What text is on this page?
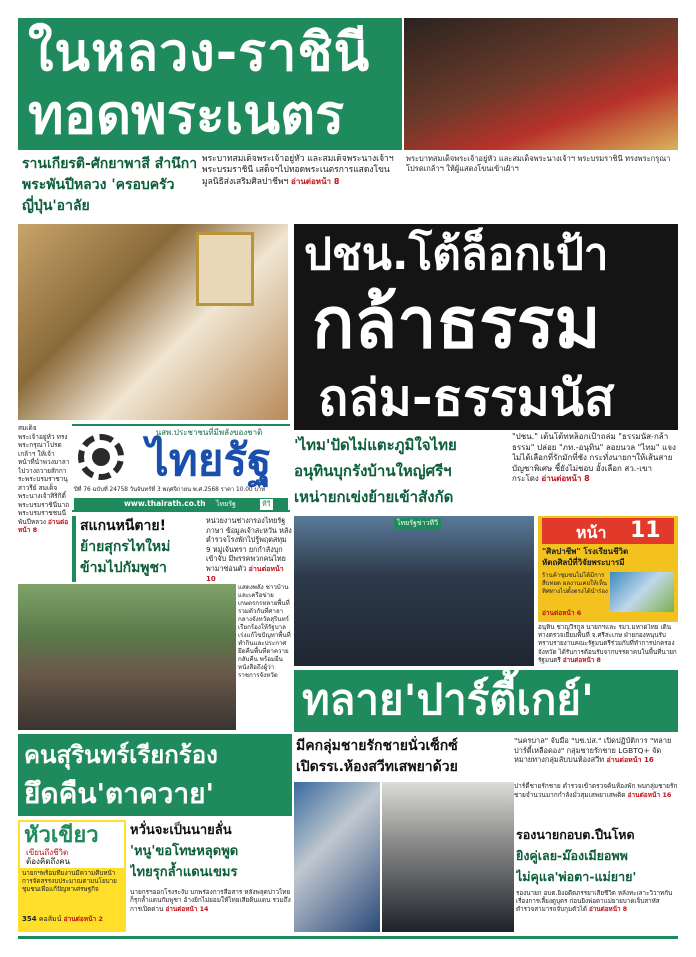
ในหลวง-ราชินี
ทอดพระเนตร
รานเกียรติ-ศักยาพาสี สำนึกาพระพันปีหลวง 'ครอบครัวญี่ปุ่น'อาลัย
พระบาทสมเด็จพระเจ้าอยู่หัว และสมเด็จพระนางเจ้าฯ พระบรมราชินี เสด็จฯไปทอดพระเนตรการแสดงโขนมูลนิธิส่งเสริมศิลปาชีพฯ อ่านต่อหน้า 8
พระบาทสมเด็จพระเจ้าอยู่หัว และสมเด็จพระนางเจ้าฯ พระบรมราชินี ทรงพระกรุณาโปรดเกล้าฯ ให้ผู้แสดงโขนเข้าเฝ้าฯ
ปชน.โต้ล็อกเป้า
กล้าธรรม
ถล่ม-ธรรมนัส
สมเด็จพระเจ้าอยู่หัว ทรงพระกรุณาโปรดเกล้าฯ ให้เจ้าหน้าที่นำพวงมาลาไปวางถวายสักการะพระบรมราชานุสาวรีย์ สมเด็จพระนางเจ้าสิริกิติ์ พระบรมราชินีนาถ พระบรมราชชนนีพันปีหลวง อ่านต่อหน้า 8
นสพ.ประชาชนที่มีพลังของชาติ
ไทยรัฐ
ปีที่ 76 ฉบับที่ 24758 วันจันทร์ที่ 3 พฤศจิกายน พ.ศ.2568 ราคา 10.00 บาท
www.thairath.co.th ไทยรัฐ	ทีวี
'ไทม'ปัดไม่แตะภูมิใจไทย
อนุทินบุกรังบ้านใหญ่ศรีฯ
เหน่ายกเข่งย้ายเข้าสังกัด
"ปชน." เต้นโต้ทหล็อกเป้าถล่ม "ธรรมนัส-กล้าธรรม" ปล่อย "ภท.-อนุทิน" ลอยนวล "ไทม" แจงไม่ได้เลือกที่รักมักที่ชัง กระทั่งนายกฯให้เส้นสายบัญชาพิเศษ ชี้ยังไม่ชอบ อั้งเลือก สว.-เขากระโดง อ่านต่อหน้า 8
สแกนหนีตาย!
ย้ายสุกรไทใหม่
ข้ามไปกัมพูชา
หน่วยงานช่างกรองไทยรัฐภาษา ข้อมูลเจ้าสะหวัน หลังตำรวจโรงพักไปรู้พฤตสทุม 9 หมู่เจ้นทรา ยกกำลังบุกเข้าจับ มีพรรคพวกคนไทยพามาซ่อนตัว อ่านต่อหน้า 10
ไทยรัฐข่าวทีวี	หน้า 11
"ศิลปาชีพ" โรงเรียนชีวิต
หัตถศิลป์ที่วิจัยพระบารมี
ร้านค้าชุมชนไม่ได้มีการสืบทอด ผลงานเคยให้เห็นทิศทางไปตั้งตรงได้นำร่อง
อ่านต่อหน้า 6
อนุทิน ชาญวีรกูล นายกฯและ รมว.มหาดไทย เดินทางตรวจเยี่ยมพื้นที่ จ.ศรีสะเกษ ฝ่ายกองหนุนรับทราบรายงานคณะรัฐมนตรีร่วมกับที่ทำการปกครองจังหวัด ได้รับการต้อนรับจากบรรดาคนในพื้นที่นายกรัฐมนตรี อ่านต่อหน้า 8
แสดงพลัง ชาวบ้านและเครือข่ายเกษตรกรหลายพื้นที่รวมตัวกันที่ศาลากลางจังหวัดสุรินทร์ เรียกร้องให้รัฐบาลเร่งแก้ไขปัญหาพื้นที่ทำกินและประกาศยึดคืนพื้นที่ตาควายกลับคืน พร้อมยืนหนังสือถึงผู้ว่าราชการจังหวัด ทลาย'ปาร์ตี้เกย์'
คนสุรินทร์เรียกร้อง
ยึดคืน'ตาควาย'
มีคกลุ่มชายรักชายนั่วเซ็กซ์
เปิดรรเ.ห้องสวีทเสพยาด้วย
"นครบาล" จับมือ "บช.ปส." เปิดปฏิบัติการ "ทลายปาร์ตี้เหลือดอง" กลุ่มชายรักชาย LGBTQ+ จัดหมายทางกลุ่มลับบนห้องสวีท อ่านต่อหน้า 16
ปาร์ตี้ชายรักชาย ตำรวจเข้าตรวจค้นห้องพัก พบกลุ่มชายรักชายจำนวนมากกำลังมั่วสุมเสพยาเสพติด อ่านต่อหน้า 16
หัวเขียว
เขียนถึงชีวิต
ต้องคิดถึงคน
นายกฯพร้อมทีมงานมีความคืบหน้าการจัดสรรงบประมาณตามนโยบายชุมชนเพื่อแก้ปัญหาเศรษฐกิจ
354 คอลัมน์ อ่านต่อหน้า 2
หวั่นจะเป็นนายลั่น
'หนู'ขอโทษหลุดพูด
ไทยรุกล้ำแดนเขมร
นายกรฯออกโรงระงับ บกพร่องการสื่อสาร หลังพลุดบ่าวไทยก็รุกล้ำแดนกัมพูชา อ้างยิกไม่ยอมให้ไทยเสียดินแดน รวมถึงการเปิดด่าน อ่านต่อหน้า 14
รองนายกอบต.ปืนโหด
ยิงคู่เลย-ม๊องเมียอพพ
ไม่คุแล'พ่อตา-แม่ยาย'
รองนายก อบต.ยิงอดีตภรรยาเสียชีวิต หลังทะเลาะวิวาทกันเรื่องการเลี้ยงดูบุตร ก่อนยิงพ่อตาแม่ยายบาดเจ็บสาหัส ตำรวจสามารถจับกุมตัวได้ อ่านต่อหน้า 8
